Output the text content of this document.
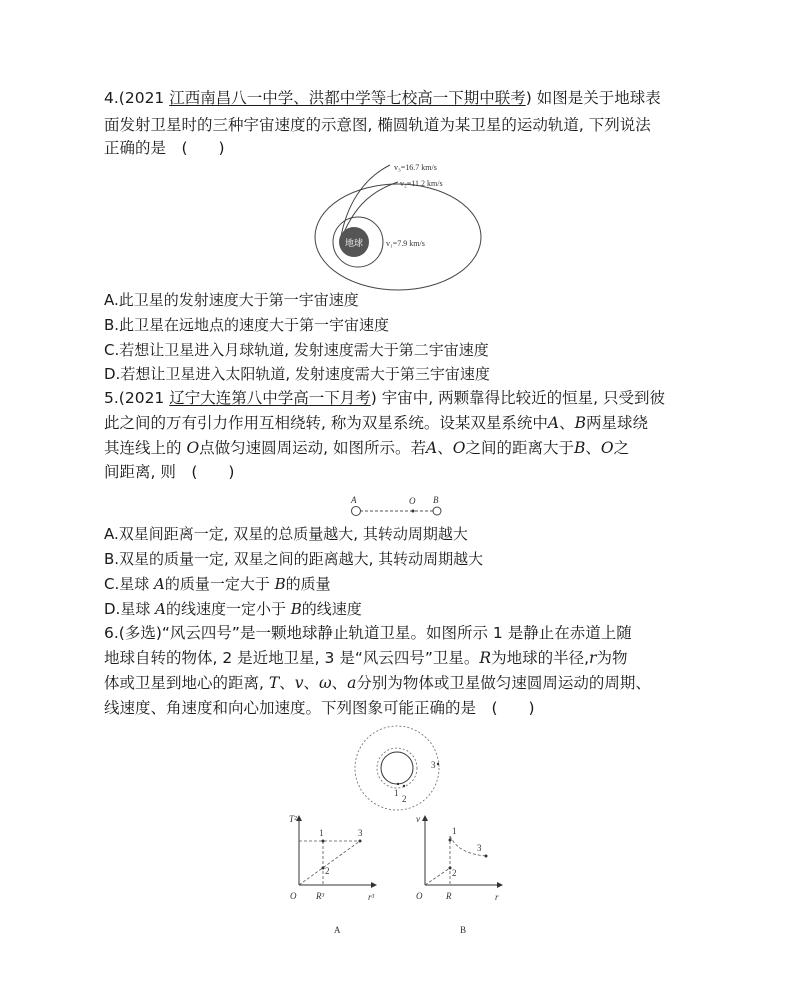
4.(2021 江西南昌八一中学、洪都中学等七校高一下期中联考) 如图是关于地球表
面发射卫星时的三种宇宙速度的示意图, 椭圆轨道为某卫星的运动轨道, 下列说法
正确的是　(　　)
地球
v₃=16.7 km/s
v₂=11.2 km/s
v₁=7.9 km/s
A.此卫星的发射速度大于第一宇宙速度
B.此卫星在远地点的速度大于第一宇宙速度
C.若想让卫星进入月球轨道, 发射速度需大于第二宇宙速度
D.若想让卫星进入太阳轨道, 发射速度需大于第三宇宙速度
5.(2021 辽宁大连第八中学高一下月考) 宇宙中, 两颗靠得比较近的恒星, 只受到彼
此之间的万有引力作用互相绕转, 称为双星系统。设某双星系统中A、B两星球绕
其连线上的 O点做匀速圆周运动, 如图所示。若A、O之间的距离大于B、O之
间距离, 则　(　　)
A	O B
A.双星间距离一定, 双星的总质量越大, 其转动周期越大
B.双星的质量一定, 双星之间的距离越大, 其转动周期越大
C.星球 A的质量一定大于 B的质量
D.星球 A的线速度一定小于 B的线速度
6.(多选)“风云四号”是一颗地球静止轨道卫星。如图所示 1 是静止在赤道上随
地球自转的物体, 2 是近地卫星, 3 是“风云四号”卫星。R为地球的半径,r为物
体或卫星到地心的距离, T、v、ω、a分别为物体或卫星做匀速圆周运动的周期、
线速度、角速度和向心加速度。下列图象可能正确的是　(　　)
1
2
3
T²
r³
O R³
1
2
3
A
v
r
O	R
1
2
3
B
